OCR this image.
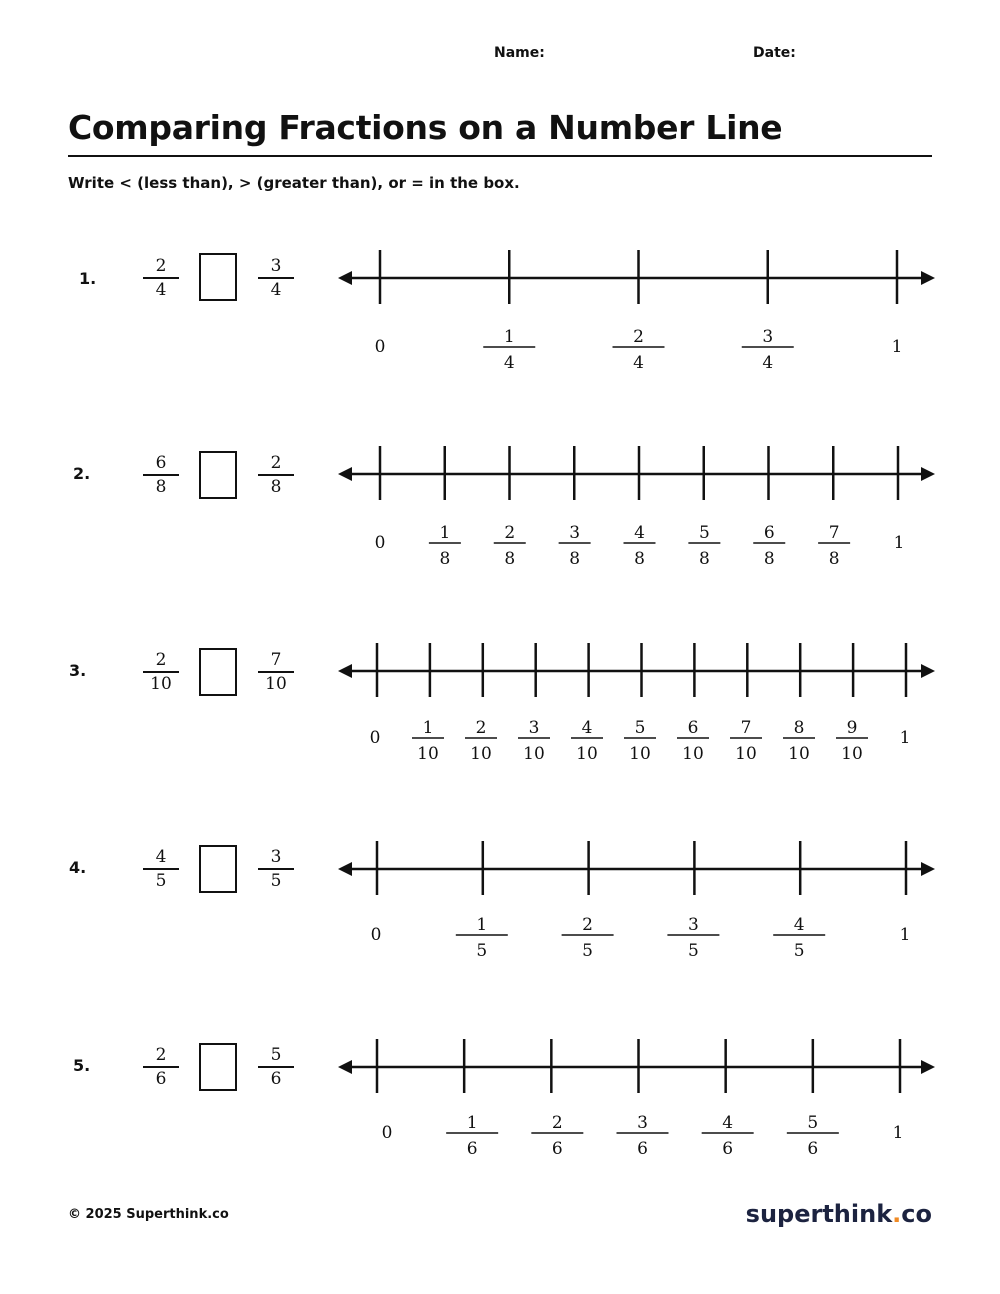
Name:	Date:
Comparing Fractions on a Number Line
Write < (less than), > (greater than), or = in the box.
1.
2
4
3
4
0	1
1
4
2
4
3
4
2.
6
8
2
8
0	1
1
8
2
8
3
8
4
8
5
8
6
8
7
8
3.
2
10
7
10
0	1
1
10
2
10
3
10
4
10
5
10
6
10
7
10
8
10
9
10
4.
4
5
3
5
0	1
1
5
2
5
3
5
4
5
5.
2
6
5
6
0	1
1
6
2
6
3
6
4
6
5
6
© 2025 Superthink.co	superthink.co
